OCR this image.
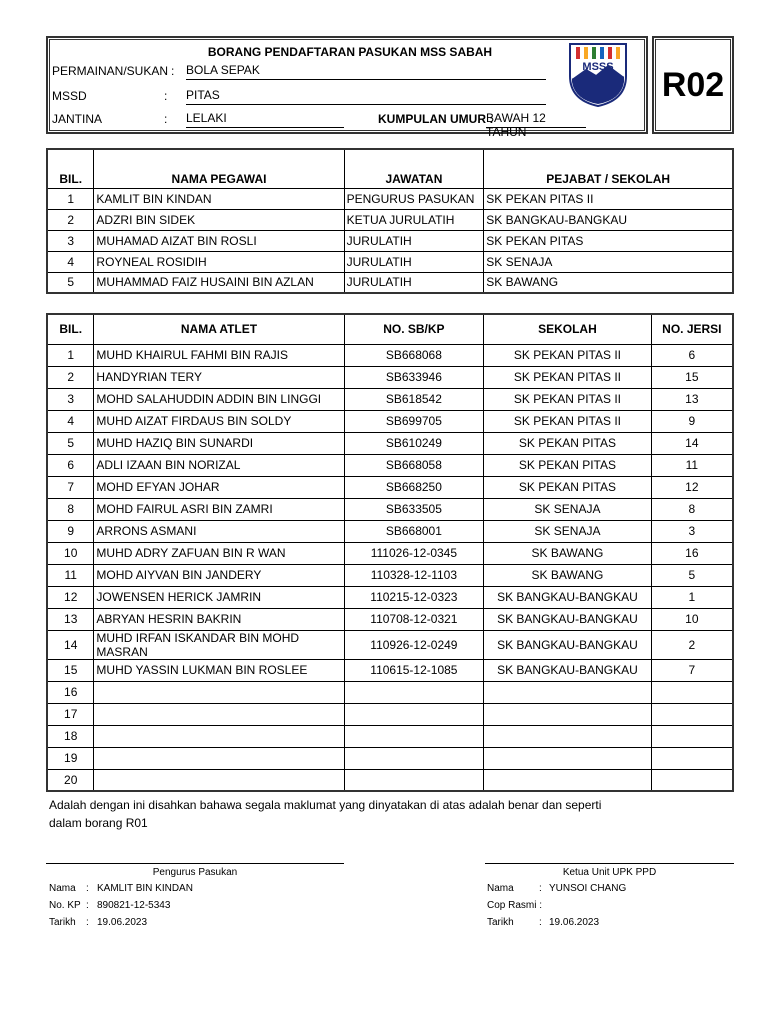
BORANG PENDAFTARAN PASUKAN MSS SABAH
PERMAINAN/SUKAN : BOLA SEPAK
MSSD	: PITAS
JANTINA	: LELAKI	KUMPULAN UMUR :
BAWAH 12 TAHUN
MSSS R02
BIL.	NAMA PEGAWAI	JAWATAN	PEJABAT / SEKOLAH
1	KAMLIT BIN KINDAN	PENGURUS PASUKAN	SK PEKAN PITAS II
2	ADZRI BIN SIDEK	KETUA JURULATIH	SK BANGKAU-BANGKAU
3	MUHAMAD AIZAT BIN ROSLI	JURULATIH	SK PEKAN PITAS
4	ROYNEAL ROSIDIH	JURULATIH	SK SENAJA
5	MUHAMMAD FAIZ HUSAINI BIN AZLAN	JURULATIH	SK BAWANG
BIL.	NAMA ATLET	NO. SB/KP	SEKOLAH	NO. JERSI
1	MUHD KHAIRUL FAHMI BIN RAJIS	SB668068	SK PEKAN PITAS II	6
2	HANDYRIAN TERY	SB633946	SK PEKAN PITAS II	15
3	MOHD SALAHUDDIN ADDIN BIN LINGGI	SB618542	SK PEKAN PITAS II	13
4	MUHD AIZAT FIRDAUS BIN SOLDY	SB699705	SK PEKAN PITAS II	9
5	MUHD HAZIQ BIN SUNARDI	SB610249	SK PEKAN PITAS	14
6	ADLI IZAAN BIN NORIZAL	SB668058	SK PEKAN PITAS	11
7	MOHD EFYAN JOHAR	SB668250	SK PEKAN PITAS	12
8	MOHD FAIRUL ASRI BIN ZAMRI	SB633505	SK SENAJA	8
9	ARRONS ASMANI	SB668001	SK SENAJA	3
10	MUHD ADRY ZAFUAN BIN R WAN	111026-12-0345	SK BAWANG	16
11	MOHD AIYVAN BIN JANDERY	110328-12-1103	SK BAWANG	5
12	JOWENSEN HERICK JAMRIN	110215-12-0323	SK BANGKAU-BANGKAU	1
13	ABRYAN HESRIN BAKRIN	110708-12-0321	SK BANGKAU-BANGKAU	10
14	MUHD IRFAN ISKANDAR BIN MOHD MASRAN	110926-12-0249	SK BANGKAU-BANGKAU	2
15	MUHD YASSIN LUKMAN BIN ROSLEE	110615-12-1085	SK BANGKAU-BANGKAU	7
16				
17				
18				
19				
20				
Adalah dengan ini disahkan bahawa segala maklumat yang dinyatakan di atas adalah benar dan seperti
dalam borang R01
Pengurus Pasukan
Nama : KAMLIT BIN KINDAN
No. KP : 890821-12-5343
Tarikh : 19.06.2023
Ketua Unit UPK PPD
Nama	: YUNSOI CHANG
Cop Rasmi :
Tarikh	: 19.06.2023
